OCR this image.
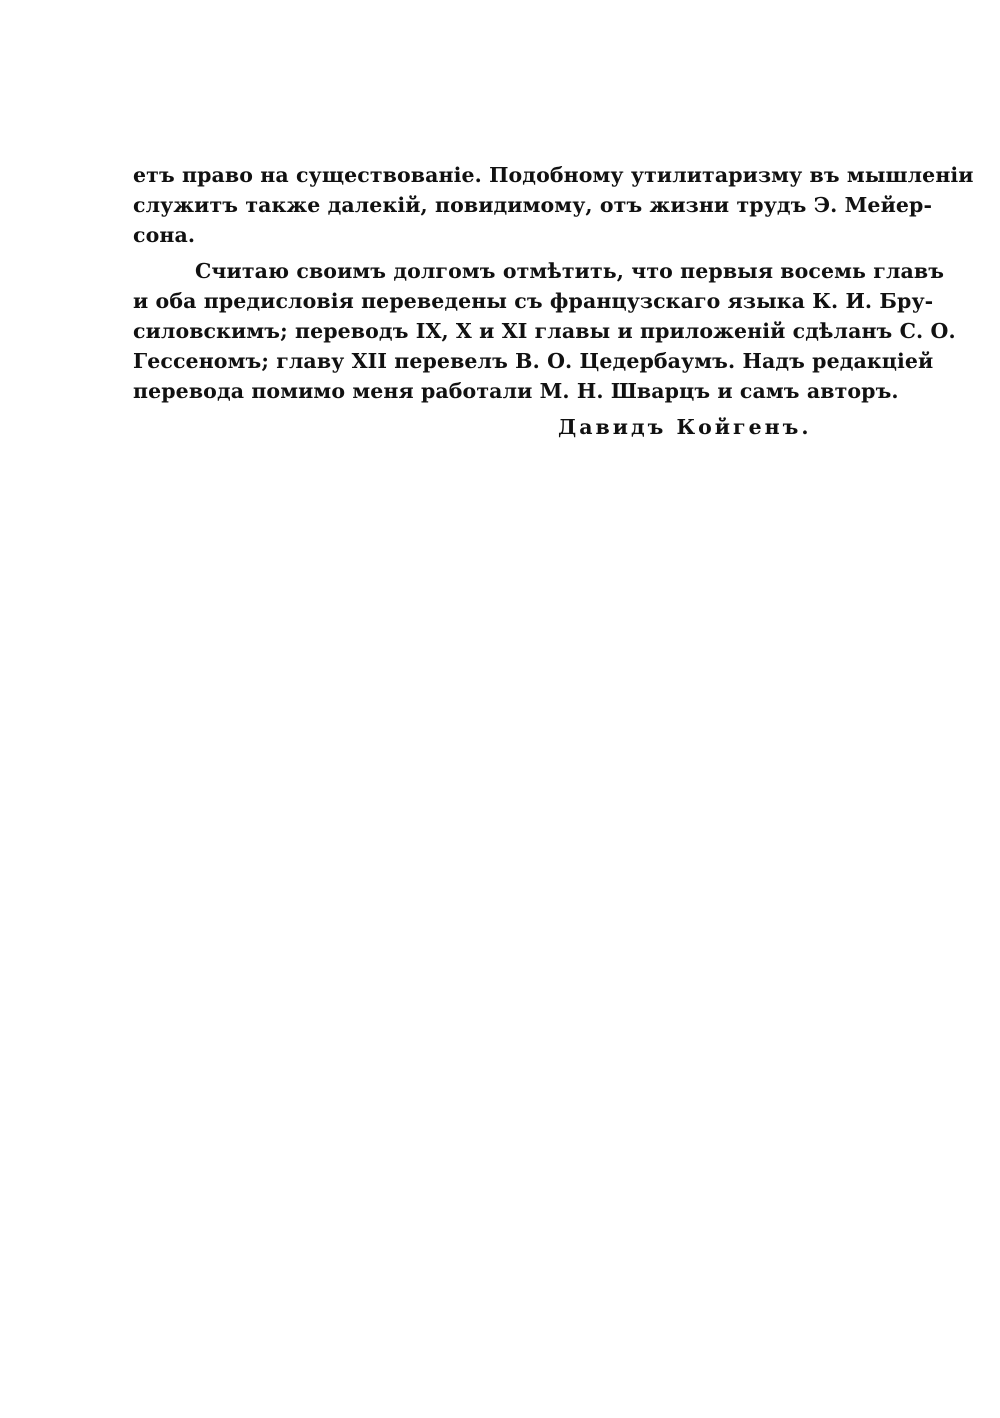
етъ право на существованіе. Подобному утилитаризму въ мышленіи
служитъ также далекій, повидимому, отъ жизни трудъ Э. Мейер-
сона.
Считаю своимъ долгомъ отмѣтить, что первыя восемь главъ
и оба предисловія переведены съ французскаго языка К. И. Бру-
силовскимъ; переводъ IX, X и XI главы и приложеній сдѣланъ С. О.
Гессеномъ; главу XII перевелъ В. О. Цедербаумъ. Надъ редакціей
перевода помимо меня работали М. Н. Шварцъ и самъ авторъ.
Давидъ Койгенъ.
